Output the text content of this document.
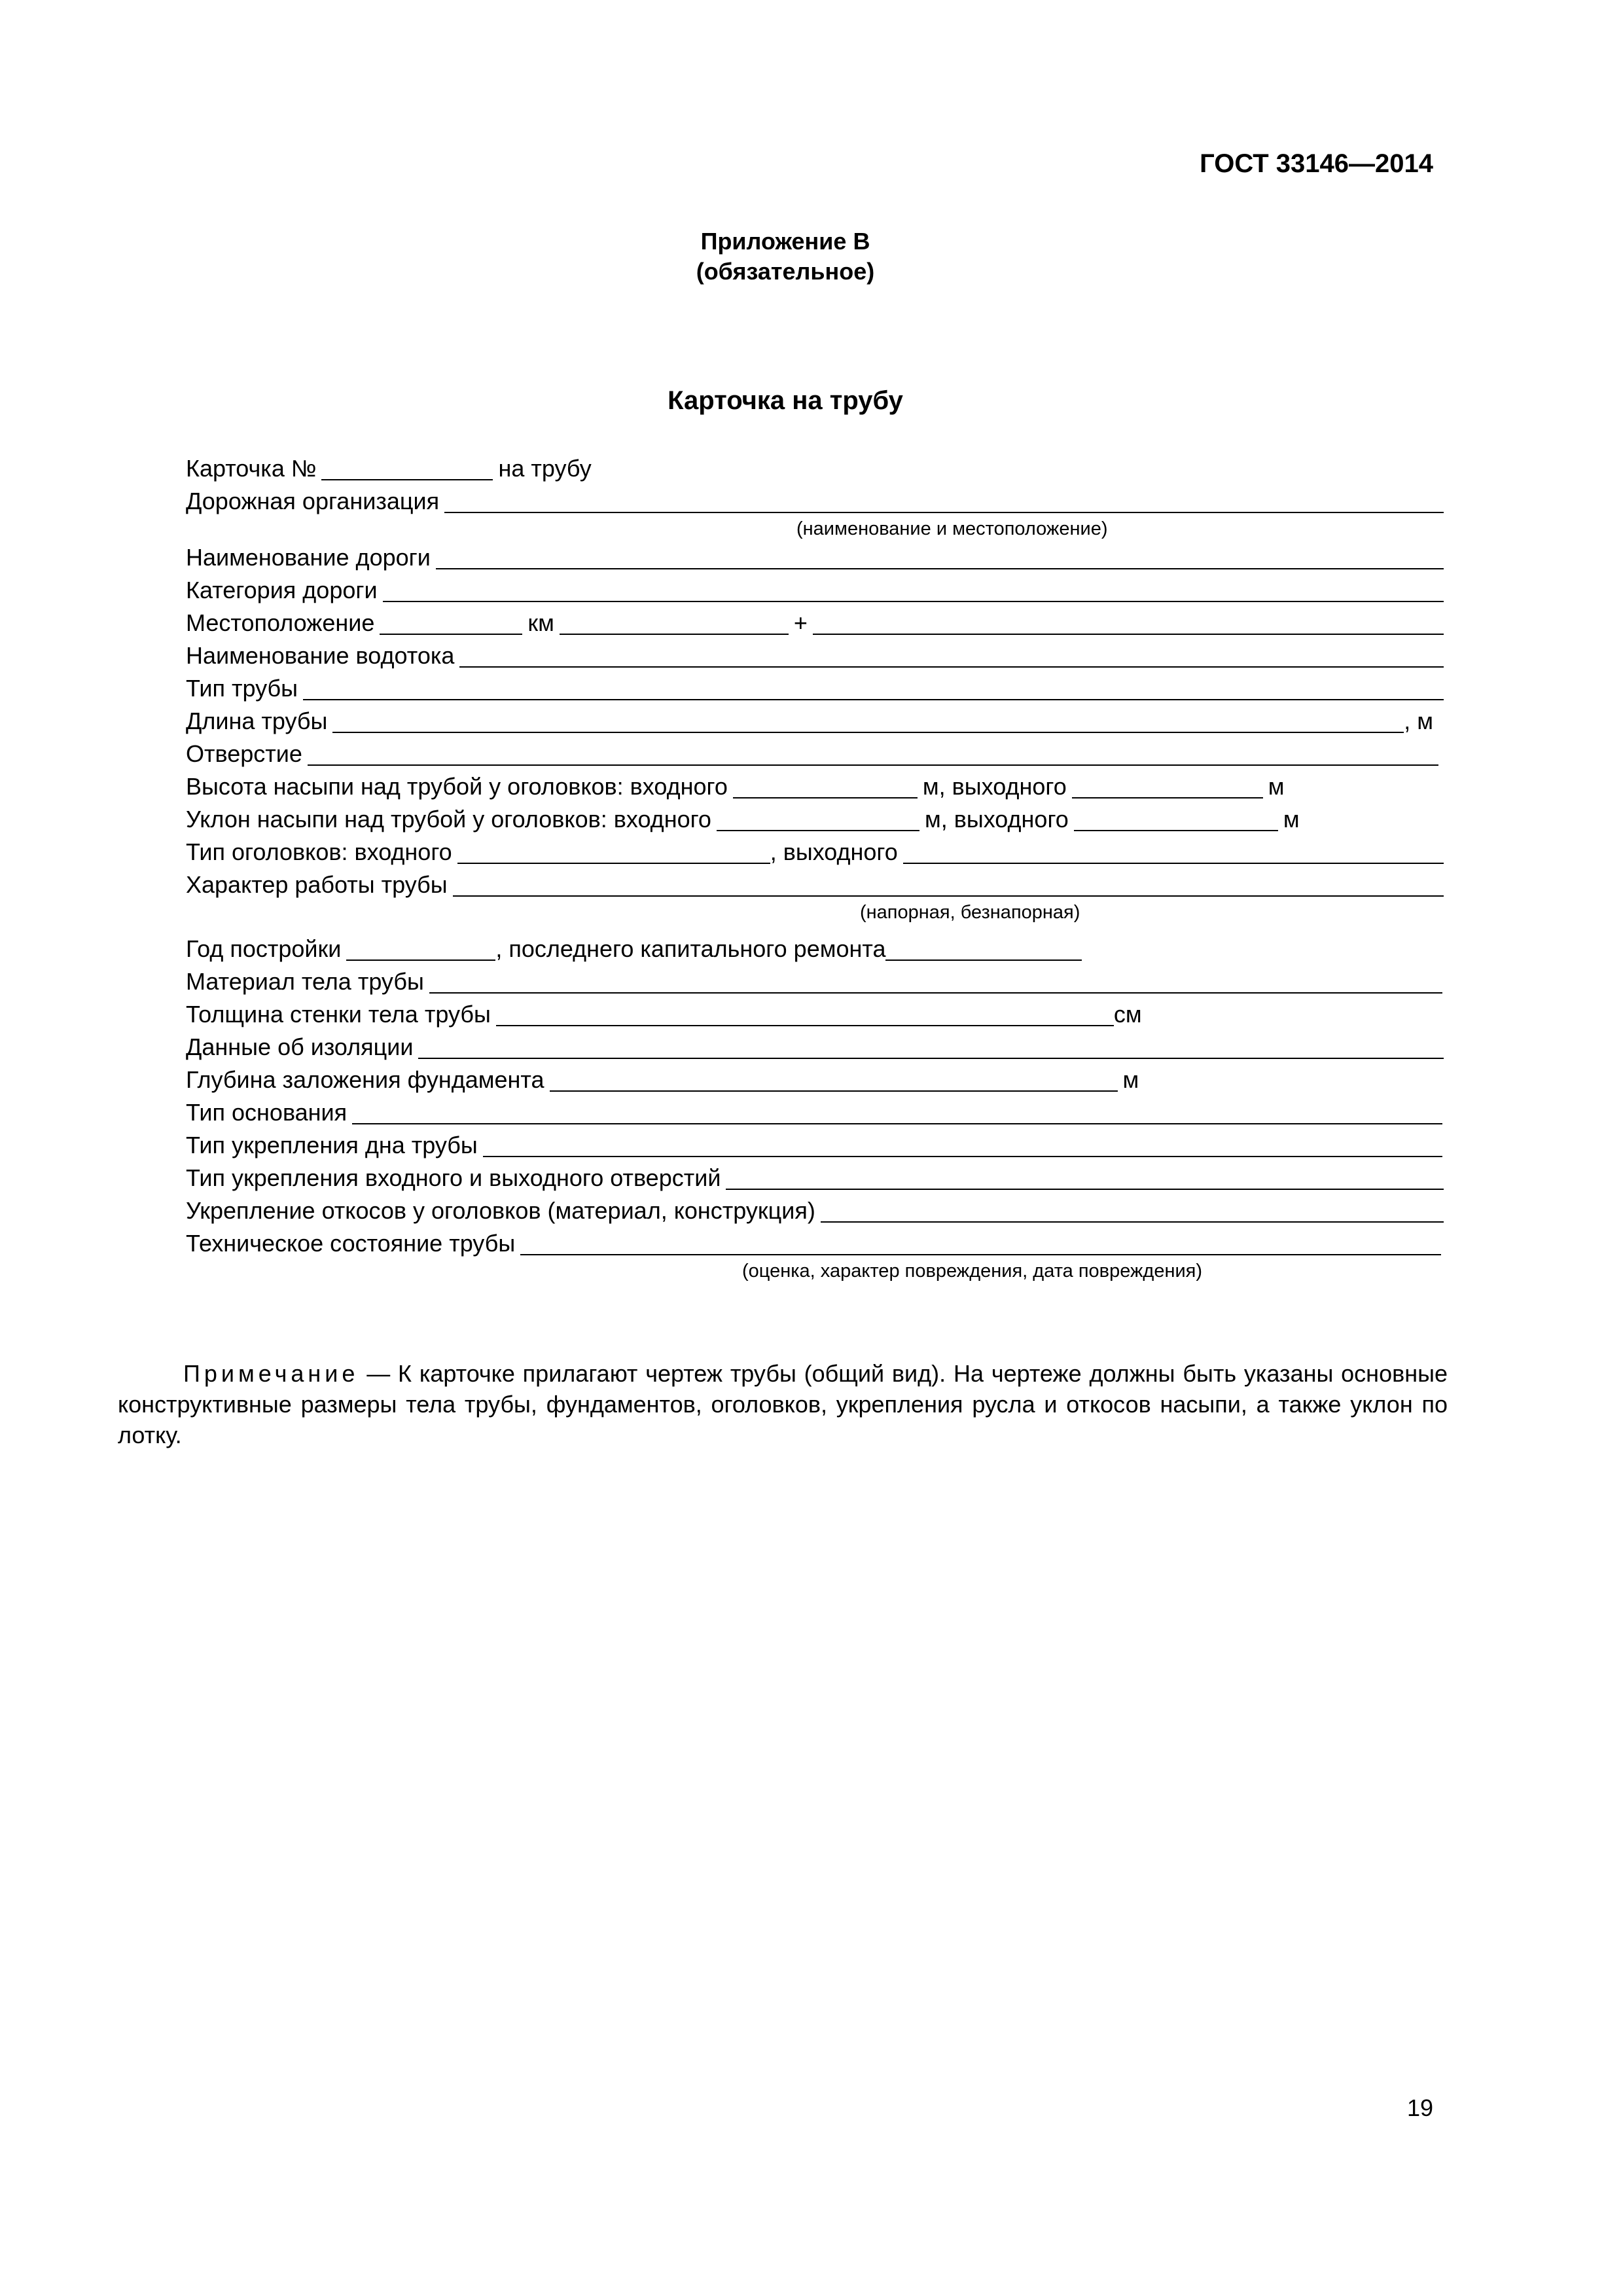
ГОСТ 33146—2014
Приложение В
(обязательное)
Карточка на трубу
Карточка №	на трубу
Дорожная организация
(наименование и местоположение)
Наименование дороги
Категория дороги
Местоположение	км	+
Наименование водотока
Тип трубы
Длина трубы	, м
Отверстие
Высота насыпи над трубой у оголовков: входного	м, выходного	м
Уклон насыпи над трубой у оголовков: входного	м, выходного	м
Тип оголовков: входного	, выходного
Характер работы трубы
(напорная, безнапорная)
Год постройки	, последнего капитального ремонта
Материал тела трубы
Толщина стенки тела трубы	см
Данные об изоляции
Глубина заложения фундамента	м
Тип основания
Тип укрепления дна трубы
Тип укрепления входного и выходного отверстий
Укрепление откосов у оголовков (материал, конструкция)
Техническое состояние трубы
(оценка, характер повреждения, дата повреждения)
Примечание — К карточке прилагают чертеж трубы (общий вид). На чертеже должны быть указаны основные конструктивные размеры тела трубы, фундаментов, оголовков, укрепления русла и откосов насыпи, а также уклон по лотку.
19
